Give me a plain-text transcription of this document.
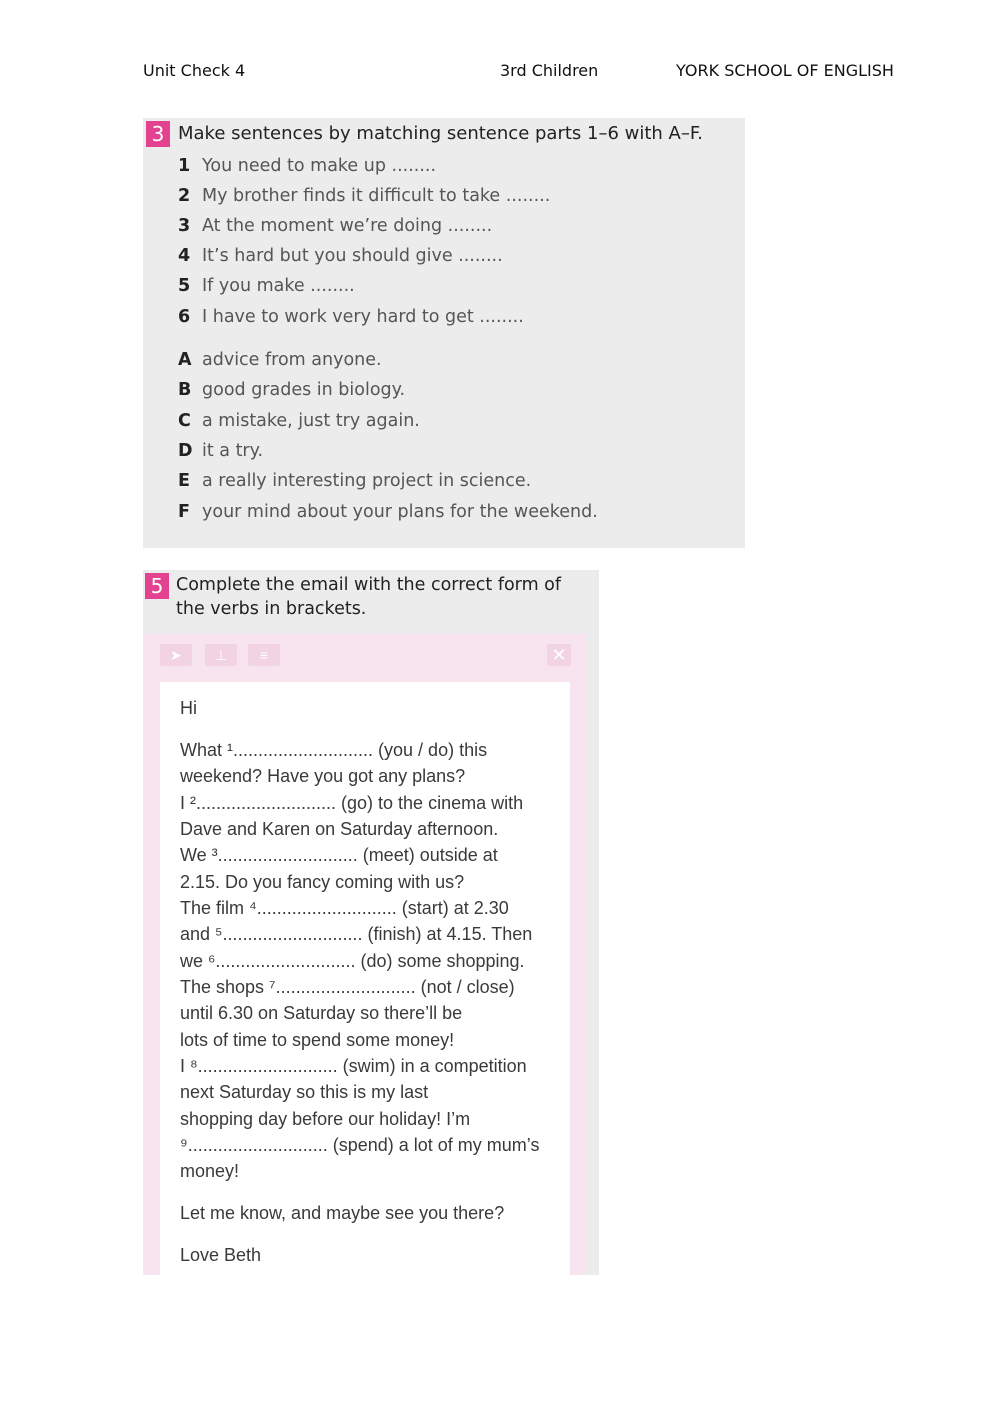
Unit Check 4	3rd Children	YORK SCHOOL OF ENGLISH
3 Make sentences by matching sentence parts 1–6 with A–F.
1 You need to make up ........
2 My brother finds it difficult to take ........
3 At the moment we’re doing ........
4 It’s hard but you should give ........
5 If you make ........
6 I have to work very hard to get ........
A advice from anyone.
B good grades in biology.
C a mistake, just try again.
D it a try.
E a really interesting project in science.
F your mind about your plans for the weekend.
5 Complete the email with the correct form of
the verbs in brackets.
➤	⊥	≡	✕
Hi
What ¹............................ (you / do) this
weekend? Have you got any plans?
I ²............................ (go) to the cinema with
Dave and Karen on Saturday afternoon.
We ³............................ (meet) outside at
2.15. Do you fancy coming with us?
The film ⁴............................ (start) at 2.30
and ⁵............................ (finish) at 4.15. Then
we ⁶............................ (do) some shopping.
The shops ⁷............................ (not / close)
until 6.30 on Saturday so there’ll be
lots of time to spend some money!
I ⁸............................ (swim) in a competition
next Saturday so this is my last
shopping day before our holiday! I’m
⁹............................ (spend) a lot of my mum’s
money!
Let me know, and maybe see you there?
Love Beth
